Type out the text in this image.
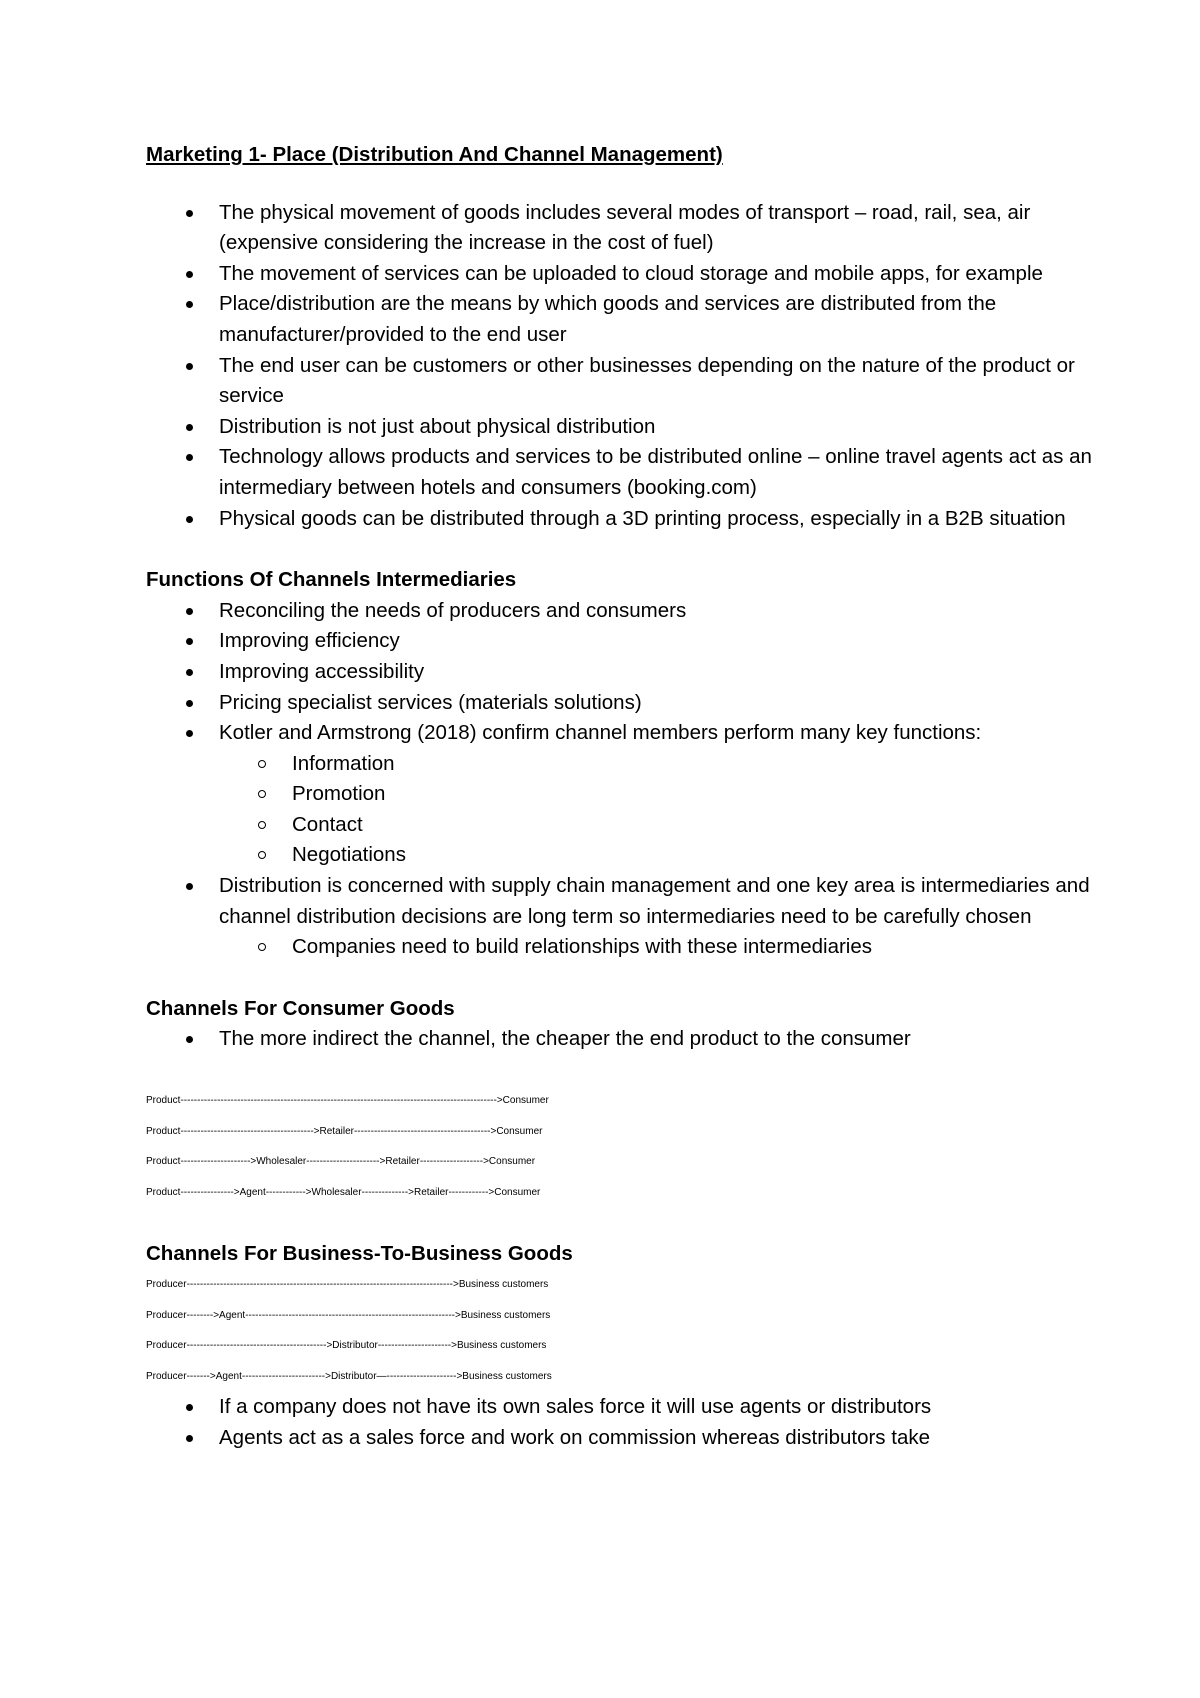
Marketing 1- Place (Distribution And Channel Management)
The physical movement of goods includes several modes of transport – road, rail, sea, air (expensive considering the increase in the cost of fuel)
The movement of services can be uploaded to cloud storage and mobile apps, for example
Place/distribution are the means by which goods and services are distributed from the manufacturer/provided to the end user
The end user can be customers or other businesses depending on the nature of the product or service
Distribution is not just about physical distribution
Technology allows products and services to be distributed online – online travel agents act as an intermediary between hotels and consumers (booking.com)
Physical goods can be distributed through a 3D printing process, especially in a B2B situation
Functions Of Channels Intermediaries
Reconciling the needs of producers and consumers
Improving efficiency
Improving accessibility
Pricing specialist services (materials solutions)
Kotler and Armstrong (2018) confirm channel members perform many key functions:
Information
Promotion
Contact
Negotiations
Distribution is concerned with supply chain management and one key area is intermediaries and channel distribution decisions are long term so intermediaries need to be carefully chosen
Companies need to build relationships with these intermediaries
Channels For Consumer Goods
The more indirect the channel, the cheaper the end product to the consumer
Product----------------------------------------------------------------------------------------------->Consumer
Product---------------------------------------->Retailer----------------------------------------->Consumer
Product--------------------->Wholesaler---------------------->Retailer------------------->Consumer
Product---------------->Agent------------>Wholesaler-------------->Retailer------------>Consumer
Channels For Business-To-Business Goods
Producer-------------------------------------------------------------------------------->Business customers
Producer-------->Agent--------------------------------------------------------------->Business customers
Producer------------------------------------------>Distributor---------------------->Business customers
Producer------->Agent------------------------->Distributor—--------------------->Business customers
If a company does not have its own sales force it will use agents or distributors
Agents act as a sales force and work on commission whereas distributors take
